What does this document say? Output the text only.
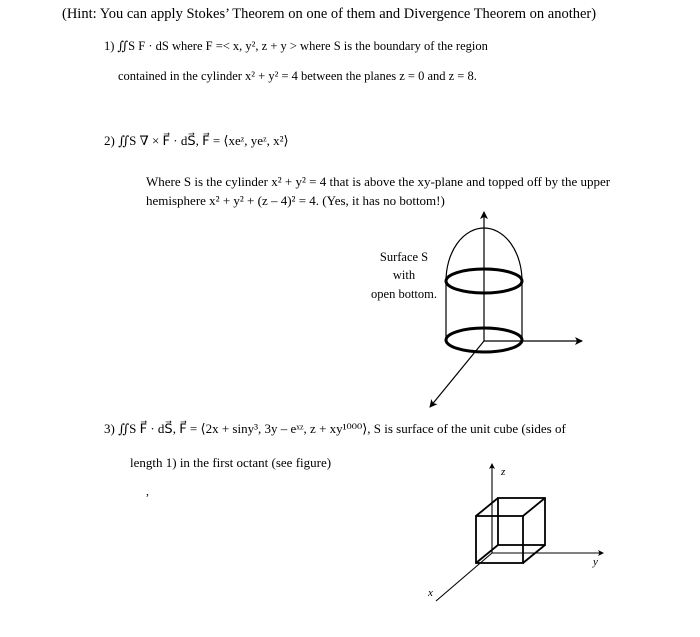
(Hint: You can apply Stokes’ Theorem on one of them and Divergence Theorem on another)
1) ∬S F · dS where F =< x, y², z + y > where S is the boundary of the region
contained in the cylinder x² + y² = 4 between the planes z = 0 and z = 8.
2) ∬S ∇ × F⃗ · dS⃗, F⃗ = ⟨xeᶻ, yeᶻ, x²⟩
Where S is the cylinder x² + y² = 4 that is above the xy-plane and topped off by the upper
hemisphere x² + y² + (z – 4)² = 4. (Yes, it has no bottom!)
Surface S
with
open bottom.
z
y
x
3) ∬S F⃗ · dS⃗, F⃗ = ⟨2x + siny³, 3y – eˣᶻ, z + xy¹⁰⁰⁰⟩, S is surface of the unit cube (sides of
length 1) in the first octant (see figure)
,
